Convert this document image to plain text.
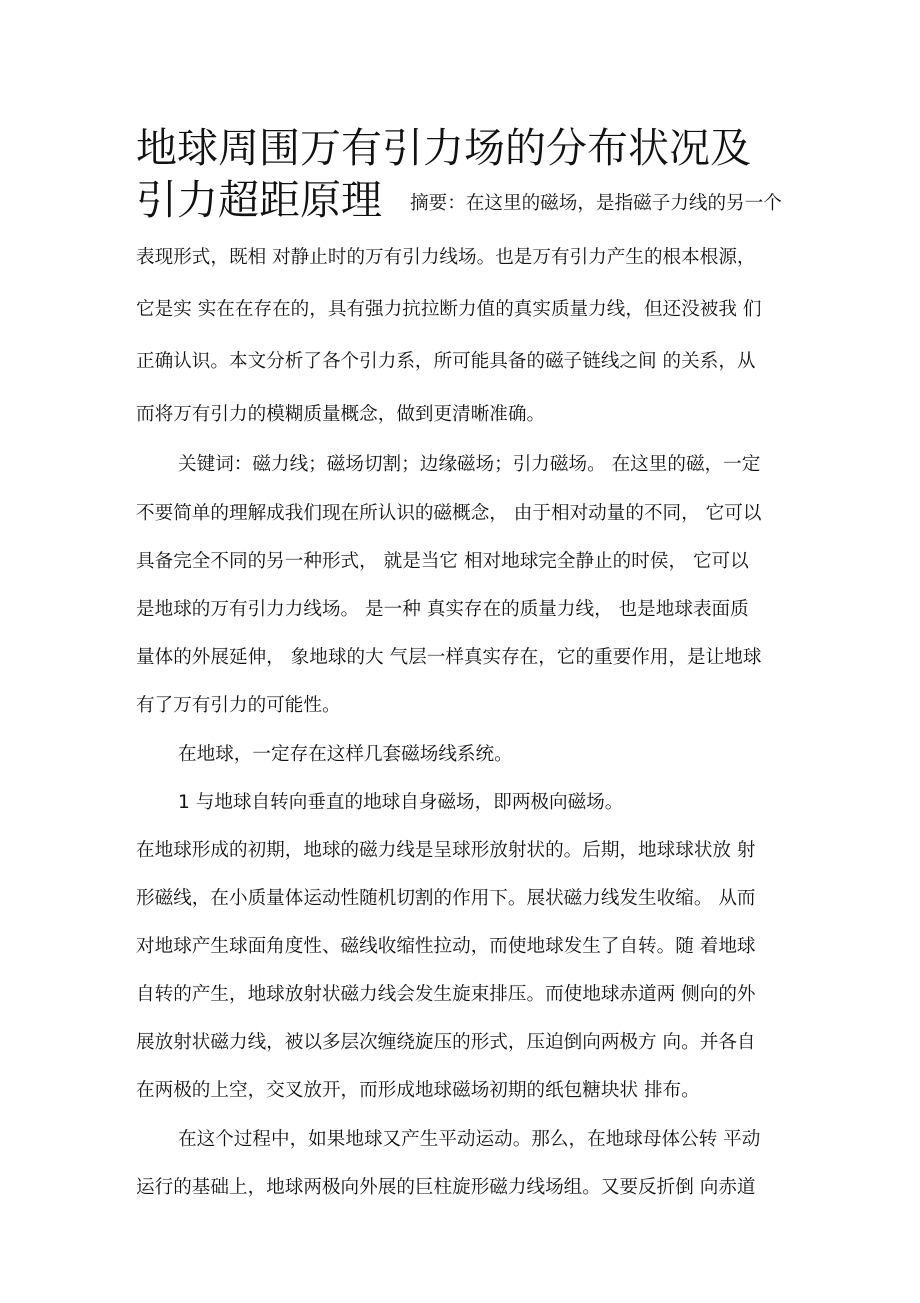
地球周围万有引力场的分布状况及
引力超距原理 摘要：在这里的磁场，是指磁子力线的另一个
表现形式，既相 对静止时的万有引力线场。也是万有引力产生的根本根源，
它是实 实在在存在的，具有强力抗拉断力值的真实质量力线，但还没被我 们
正确认识。本文分析了各个引力系，所可能具备的磁子链线之间 的关系，从
而将万有引力的模糊质量概念，做到更清晰准确。
关键词：磁力线；磁场切割；边缘磁场；引力磁场。 在这里的磁，一定
不要简单的理解成我们现在所认识的磁概念， 由于相对动量的不同， 它可以
具备完全不同的另一种形式， 就是当它 相对地球完全静止的时侯， 它可以
是地球的万有引力力线场。 是一种 真实存在的质量力线， 也是地球表面质
量体的外展延伸， 象地球的大 气层一样真实存在，它的重要作用，是让地球
有了万有引力的可能性。
在地球，一定存在这样几套磁场线系统。
1 与地球自转向垂直的地球自身磁场，即两极向磁场。
在地球形成的初期，地球的磁力线是呈球形放射状的。后期，地球球状放 射
形磁线，在小质量体运动性随机切割的作用下。展状磁力线发生收缩。 从而
对地球产生球面角度性、磁线收缩性拉动，而使地球发生了自转。随 着地球
自转的产生，地球放射状磁力线会发生旋束排压。而使地球赤道两 侧向的外
展放射状磁力线，被以多层次缠绕旋压的形式，压迫倒向两极方 向。并各自
在两极的上空，交叉放开，而形成地球磁场初期的纸包糖块状 排布。
在这个过程中，如果地球又产生平动运动。那么，在地球母体公转 平动
运行的基础上，地球两极向外展的巨柱旋形磁力线场组。又要反折倒 向赤道
